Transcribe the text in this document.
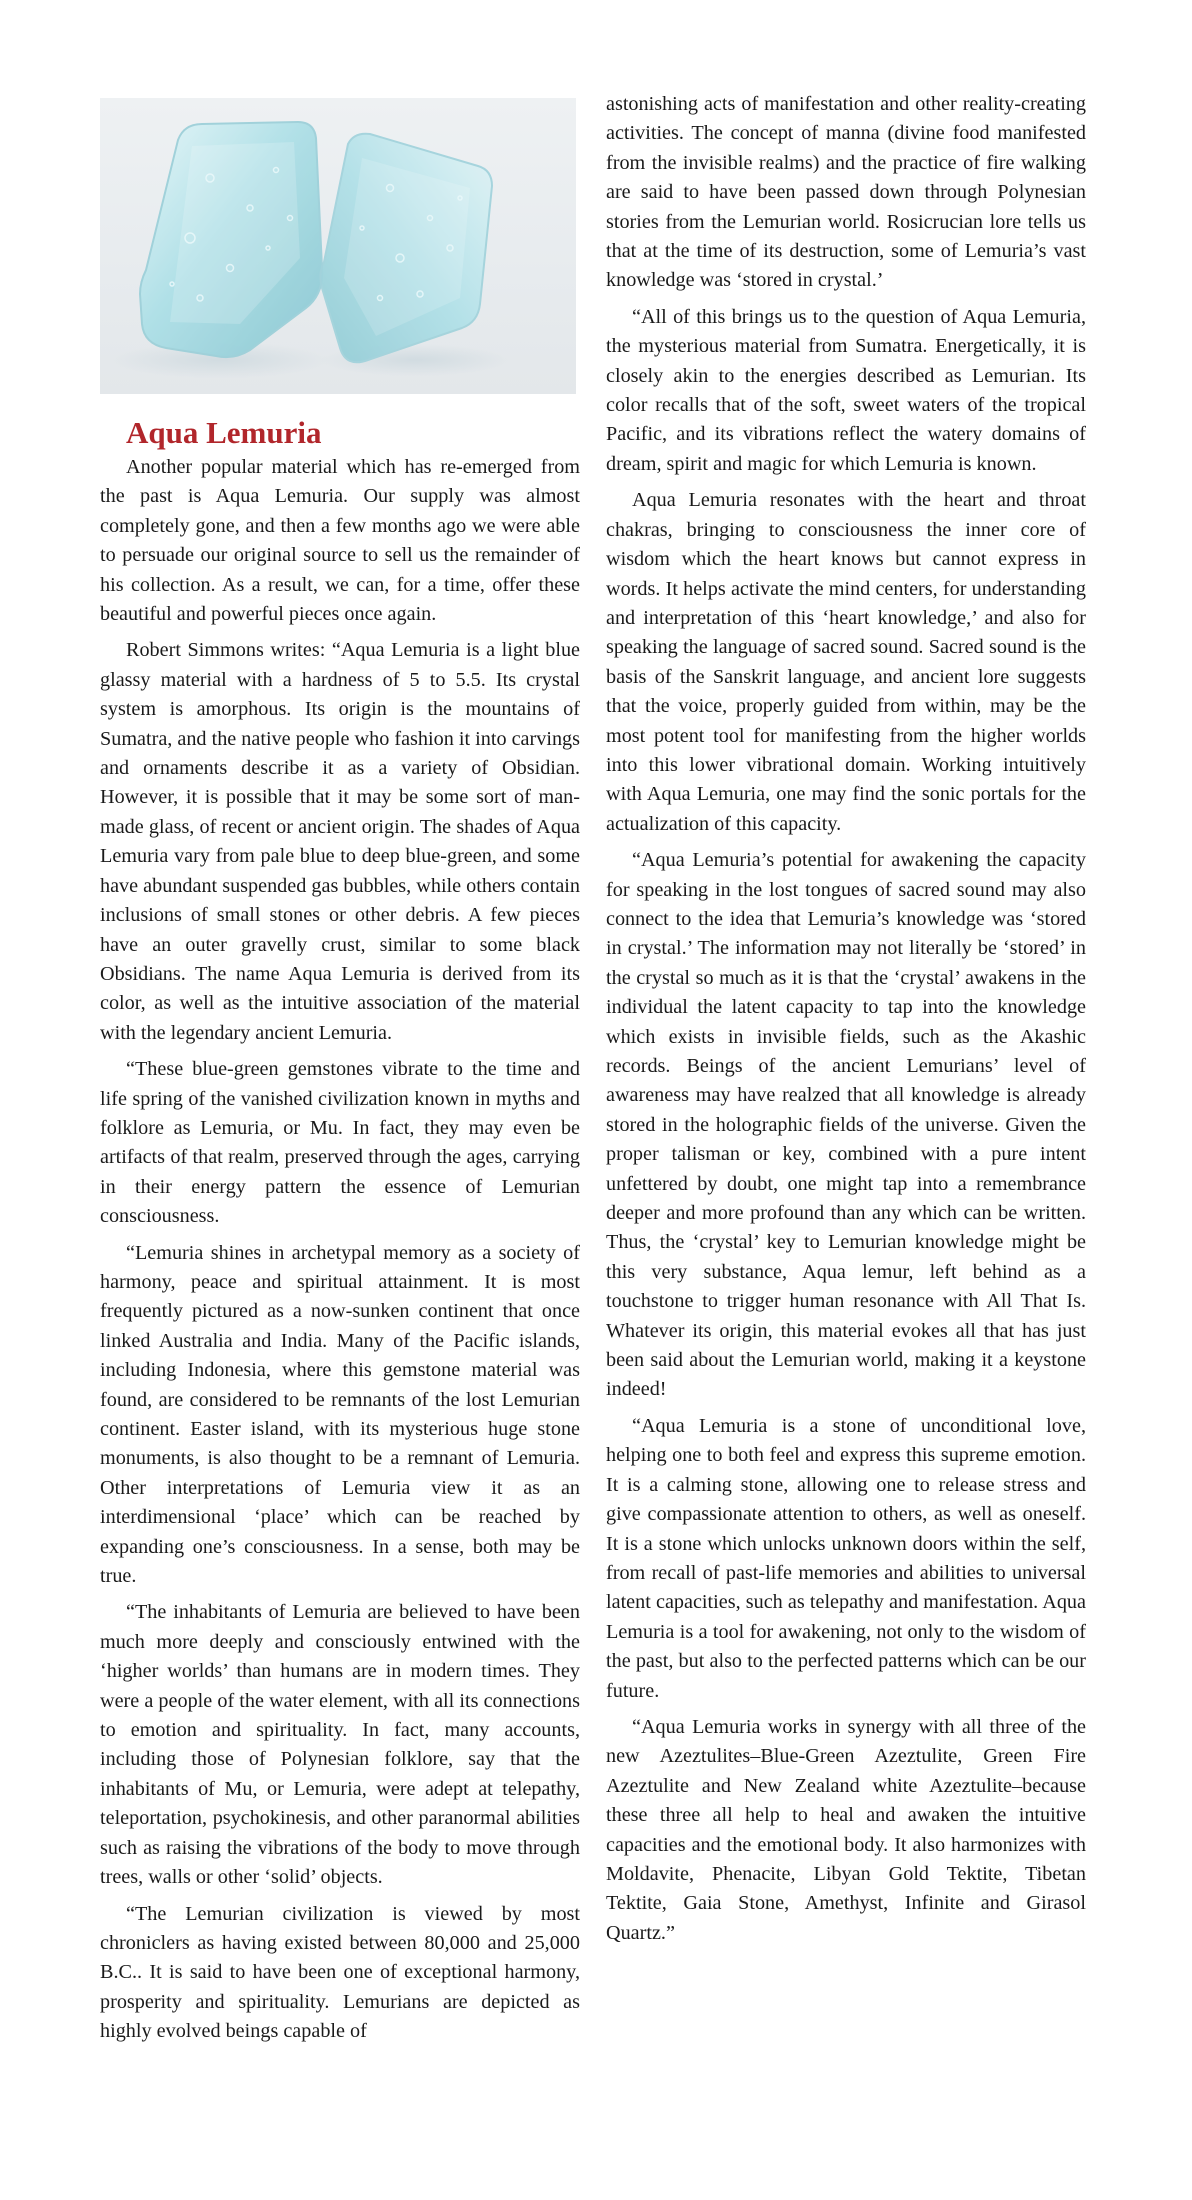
Aqua Lemuria

Another popular material which has re-emerged from the past is Aqua Lemuria. Our supply was almost completely gone, and then a few months ago we were able to persuade our original source to sell us the remainder of his collection. As a result, we can, for a time, offer these beautiful and powerful pieces once again.

Robert Simmons writes: “Aqua Lemuria is a light blue glassy material with a hardness of 5 to 5.5. Its crystal system is amorphous. Its origin is the mountains of Sumatra, and the native people who fashion it into carvings and ornaments describe it as a variety of Obsidian. However, it is possible that it may be some sort of man-made glass, of recent or ancient origin. The shades of Aqua Lemuria vary from pale blue to deep blue-green, and some have abundant suspended gas bubbles, while others contain inclusions of small stones or other debris. A few pieces have an outer gravelly crust, similar to some black Obsidians. The name Aqua Lemuria is derived from its color, as well as the intuitive association of the material with the legendary ancient Lemuria.

“These blue-green gemstones vibrate to the time and life spring of the vanished civilization known in myths and folklore as Lemuria, or Mu. In fact, they may even be artifacts of that realm, preserved through the ages, carrying in their energy pattern the essence of Lemurian consciousness.

“Lemuria shines in archetypal memory as a society of harmony, peace and spiritual attainment. It is most frequently pictured as a now-sunken continent that once linked Australia and India. Many of the Pacific islands, including Indonesia, where this gemstone material was found, are considered to be remnants of the lost Lemurian continent. Easter island, with its mysterious huge stone monuments, is also thought to be a remnant of Lemuria. Other interpretations of Lemuria view it as an interdimensional ‘place’ which can be reached by expanding one’s consciousness. In a sense, both may be true.

“The inhabitants of Lemuria are believed to have been much more deeply and consciously entwined with the ‘higher worlds’ than humans are in modern times. They were a people of the water element, with all its connections to emotion and spirituality. In fact, many accounts, including those of Polynesian folklore, say that the inhabitants of Mu, or Lemuria, were adept at telepathy, teleportation, psychokinesis, and other paranormal abilities such as raising the vibrations of the body to move through trees, walls or other ‘solid’ objects.

“The Lemurian civilization is viewed by most chroniclers as having existed between 80,000 and 25,000 B.C.. It is said to have been one of exceptional harmony, prosperity and spirituality. Lemurians are depicted as highly evolved beings capable of

astonishing acts of manifestation and other reality-creating activities. The concept of manna (divine food manifested from the invisible realms) and the practice of fire walking are said to have been passed down through Polynesian stories from the Lemurian world. Rosicrucian lore tells us that at the time of its destruction, some of Lemuria’s vast knowledge was ‘stored in crystal.’

“All of this brings us to the question of Aqua Lemuria, the mysterious material from Sumatra. Energetically, it is closely akin to the energies described as Lemurian. Its color recalls that of the soft, sweet waters of the tropical Pacific, and its vibrations reflect the watery domains of dream, spirit and magic for which Lemuria is known.

Aqua Lemuria resonates with the heart and throat chakras, bringing to consciousness the inner core of wisdom which the heart knows but cannot express in words. It helps activate the mind centers, for understanding and interpretation of this ‘heart knowledge,’ and also for speaking the language of sacred sound. Sacred sound is the basis of the Sanskrit language, and ancient lore suggests that the voice, properly guided from within, may be the most potent tool for manifesting from the higher worlds into this lower vibrational domain. Working intuitively with Aqua Lemuria, one may find the sonic portals for the actualization of this capacity.

“Aqua Lemuria’s potential for awakening the capacity for speaking in the lost tongues of sacred sound may also connect to the idea that Lemuria’s knowledge was ‘stored in crystal.’ The information may not literally be ‘stored’ in the crystal so much as it is that the ‘crystal’ awakens in the individual the latent capacity to tap into the knowledge which exists in invisible fields, such as the Akashic records. Beings of the ancient Lemurians’ level of awareness may have realzed that all knowledge is already stored in the holographic fields of the universe. Given the proper talisman or key, combined with a pure intent unfettered by doubt, one might tap into a remembrance deeper and more profound than any which can be written. Thus, the ‘crystal’ key to Lemurian knowledge might be this very substance, Aqua lemur, left behind as a touchstone to trigger human resonance with All That Is. Whatever its origin, this material evokes all that has just been said about the Lemurian world, making it a keystone indeed!

“Aqua Lemuria is a stone of unconditional love, helping one to both feel and express this supreme emotion. It is a calming stone, allowing one to release stress and give compassionate attention to others, as well as oneself. It is a stone which unlocks unknown doors within the self, from recall of past-life memories and abilities to universal latent capacities, such as telepathy and manifestation. Aqua Lemuria is a tool for awakening, not only to the wisdom of the past, but also to the perfected patterns which can be our future.

“Aqua Lemuria works in synergy with all three of the new Azeztulites–Blue-Green Azeztulite, Green Fire Azeztulite and New Zealand white Azeztulite–because these three all help to heal and awaken the intuitive capacities and the emotional body. It also harmonizes with Moldavite, Phenacite, Libyan Gold Tektite, Tibetan Tektite, Gaia Stone, Amethyst, Infinite and Girasol Quartz.”
